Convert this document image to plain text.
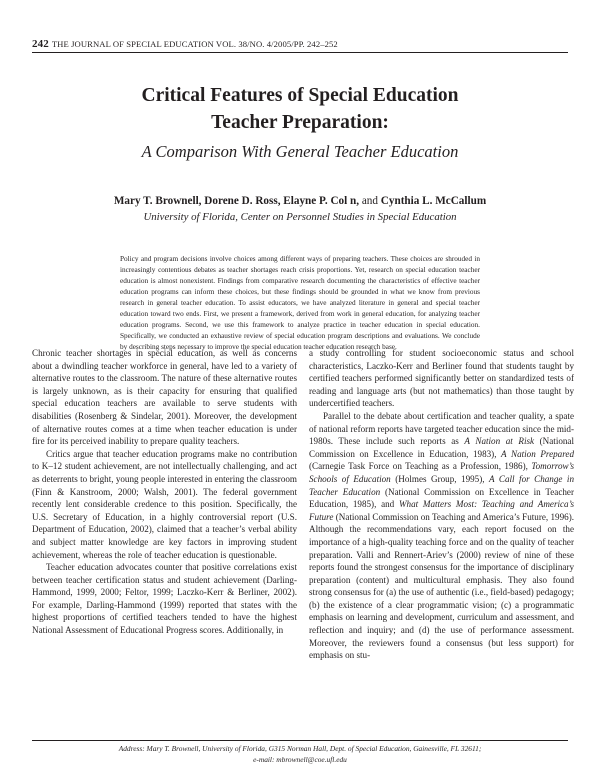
242 THE JOURNAL OF SPECIAL EDUCATION VOL. 38/NO. 4/2005/PP. 242–252
Critical Features of Special Education
Teacher Preparation:
A Comparison With General Teacher Education
Mary T. Brownell, Dorene D. Ross, Elayne P. Col n, and Cynthia L. McCallum
University of Florida, Center on Personnel Studies in Special Education
Policy and program decisions involve choices among different ways of preparing teachers. These choices are shrouded in increasingly contentious debates as teacher shortages reach crisis proportions. Yet, research on special education teacher education is almost nonexistent. Findings from comparative research documenting the characteristics of effective teacher education programs can inform these choices, but these findings should be grounded in what we know from previous research in general teacher education. To assist educators, we have analyzed literature in general and special teacher education toward two ends. First, we present a framework, derived from work in general education, for analyzing teacher education programs. Second, we use this framework to analyze practice in teacher education in special education. Specifically, we conducted an exhaustive review of special education program descriptions and evaluations. We conclude by describing steps necessary to improve the special education teacher education research base.

Chronic teacher shortages in special education, as well as concerns about a dwindling teacher workforce in general, have led to a variety of alternative routes to the classroom. The nature of these alternative routes is largely unknown, as is their capacity for ensuring that qualified special education teachers are available to serve students with disabilities (Rosenberg & Sindelar, 2001). Moreover, the development of alternative routes comes at a time when teacher education is under fire for its perceived inability to prepare quality teachers.

Critics argue that teacher education programs make no contribution to K–12 student achievement, are not intellectually challenging, and act as deterrents to bright, young people interested in entering the classroom (Finn & Kanstroom, 2000; Walsh, 2001). The federal government recently lent considerable credence to this position. Specifically, the U.S. Secretary of Education, in a highly controversial report (U.S. Department of Education, 2002), claimed that a teacher’s verbal ability and subject matter knowledge are key factors in improving student achievement, whereas the role of teacher education is questionable.

Teacher education advocates counter that positive correlations exist between teacher certification status and student achievement (Darling-Hammond, 1999, 2000; Feltor, 1999; Laczko-Kerr & Berliner, 2002). For example, Darling-Hammond (1999) reported that states with the highest proportions of certified teachers tended to have the highest National Assessment of Educational Progress scores. Additionally, in

a study controlling for student socioeconomic status and school characteristics, Laczko-Kerr and Berliner found that students taught by certified teachers performed significantly better on standardized tests of reading and language arts (but not mathematics) than those taught by undercertified teachers.

Parallel to the debate about certification and teacher quality, a spate of national reform reports have targeted teacher education since the mid-1980s. These include such reports as A Nation at Risk (National Commission on Excellence in Education, 1983), A Nation Prepared (Carnegie Task Force on Teaching as a Profession, 1986), Tomorrow’s Schools of Education (Holmes Group, 1995), A Call for Change in Teacher Education (National Commission on Excellence in Teacher Education, 1985), and What Matters Most: Teaching and America’s Future (National Commission on Teaching and America’s Future, 1996). Although the recommendations vary, each report focused on the importance of a high-quality teaching force and on the quality of teacher preparation. Valli and Rennert-Ariev’s (2000) review of nine of these reports found the strongest consensus for the importance of disciplinary preparation (content) and multicultural emphasis. They also found strong consensus for (a) the use of authentic (i.e., field-based) pedagogy; (b) the existence of a clear programmatic vision; (c) a programmatic emphasis on learning and development, curriculum and assessment, and reflection and inquiry; and (d) the use of performance assessment. Moreover, the reviewers found a consensus (but less support) for emphasis on stu-

Address: Mary T. Brownell, University of Florida, G315 Norman Hall, Dept. of Special Education, Gainesville, FL 32611;
e-mail: mbrownell@coe.ufl.edu
